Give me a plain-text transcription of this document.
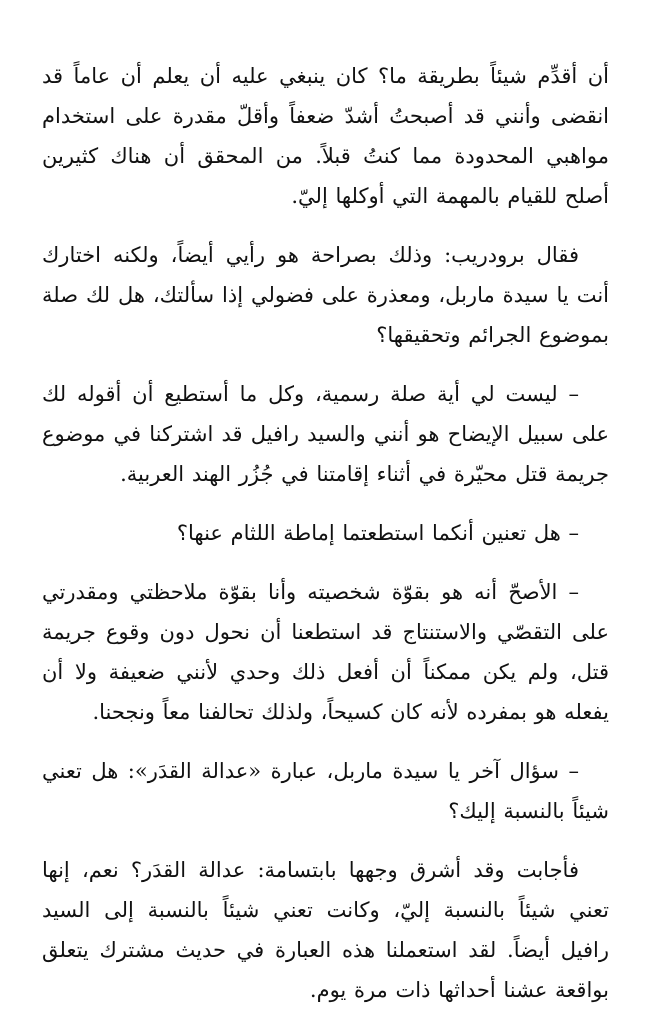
أن أقدِّم شيئاً بطريقة ما؟ كان ينبغي عليه أن يعلم أن عاماً قد انقضى وأنني قد أصبحتُ أشدّ ضعفاً وأقلّ مقدرة على استخدام مواهبي المحدودة مما كنتُ قبلاً. من المحقق أن هناك كثيرين أصلح للقيام بالمهمة التي أوكلها إليّ.

فقال برودريب: وذلك بصراحة هو رأيي أيضاً، ولكنه اختارك أنت يا سيدة ماربل، ومعذرة على فضولي إذا سألتك، هل لك صلة بموضوع الجرائم وتحقيقها؟

– ليست لي أية صلة رسمية، وكل ما أستطيع أن أقوله لك على سبيل الإيضاح هو أنني والسيد رافيل قد اشتركنا في موضوع جريمة قتل محيّرة في أثناء إقامتنا في جُزُر الهند العربية.

– هل تعنين أنكما استطعتما إماطة اللثام عنها؟

– الأصحّ أنه هو بقوّة شخصيته وأنا بقوّة ملاحظتي ومقدرتي على التقصّي والاستنتاج قد استطعنا أن نحول دون وقوع جريمة قتل، ولم يكن ممكناً أن أفعل ذلك وحدي لأنني ضعيفة ولا أن يفعله هو بمفرده لأنه كان كسيحاً، ولذلك تحالفنا معاً ونجحنا.

– سؤال آخر يا سيدة ماربل، عبارة «عدالة القدَر»: هل تعني شيئاً بالنسبة إليك؟

فأجابت وقد أشرق وجهها بابتسامة: عدالة القدَر؟ نعم، إنها تعني شيئاً بالنسبة إليّ، وكانت تعني شيئاً بالنسبة إلى السيد رافيل أيضاً. لقد استعملنا هذه العبارة في حديث مشترك يتعلق بواقعة عشنا أحداثها ذات مرة يوم.
